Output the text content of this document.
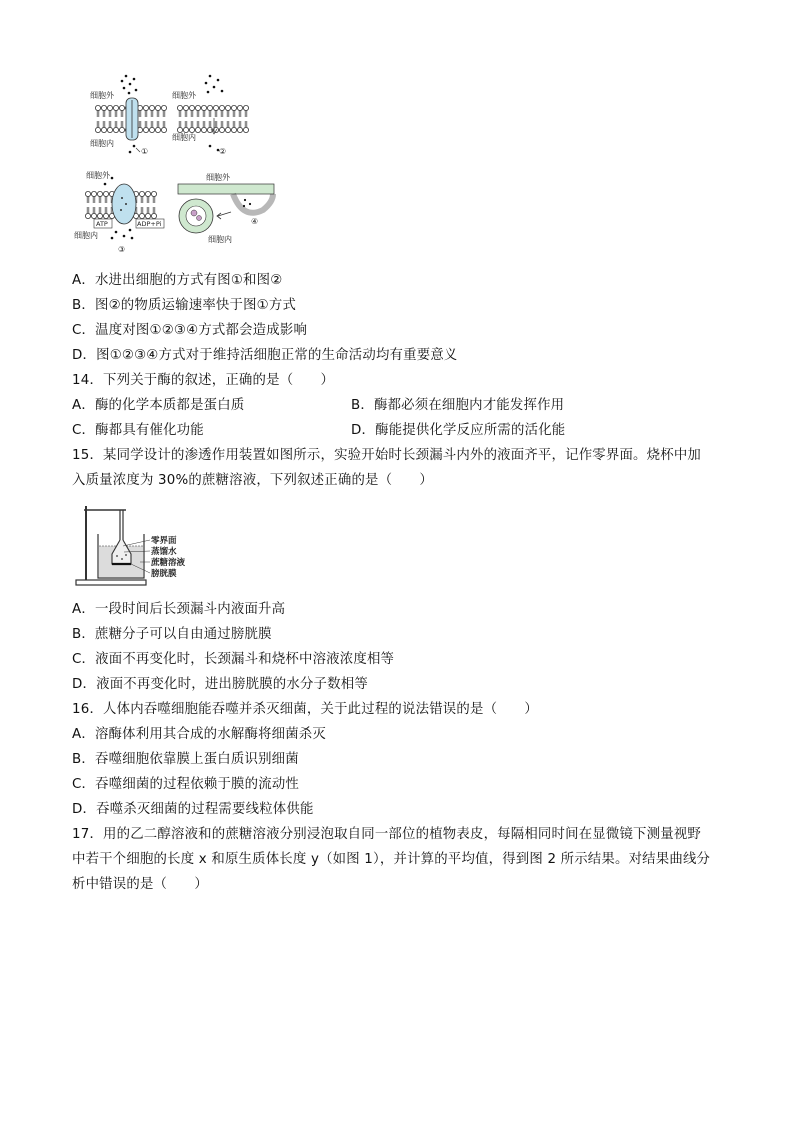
细胞外
细胞内
①
细胞外
细胞内
②
细胞外
ATP	ADP+Pi
细胞内
③
细胞外
④
细胞内
A．水进出细胞的方式有图①和图②
B．图②的物质运输速率快于图①方式
C．温度对图①②③④方式都会造成影响
D．图①②③④方式对于维持活细胞正常的生命活动均有重要意义
14．下列关于酶的叙述，正确的是（　　）
A．酶的化学本质都是蛋白质	B．酶都必须在细胞内才能发挥作用
C．酶都具有催化功能	D．酶能提供化学反应所需的活化能
15．某同学设计的渗透作用装置如图所示，实验开始时长颈漏斗内外的液面齐平，记作零界面。烧杯中加
入质量浓度为 30%的蔗糖溶液，下列叙述正确的是（　　）
零界面
蒸馏水
蔗糖溶液
膀胱膜
A．一段时间后长颈漏斗内液面升高
B．蔗糖分子可以自由通过膀胱膜
C．液面不再变化时，长颈漏斗和烧杯中溶液浓度相等
D．液面不再变化时，进出膀胱膜的水分子数相等
16．人体内吞噬细胞能吞噬并杀灭细菌，关于此过程的说法错误的是（　　）
A．溶酶体利用其合成的水解酶将细菌杀灭
B．吞噬细胞依靠膜上蛋白质识别细菌
C．吞噬细菌的过程依赖于膜的流动性
D．吞噬杀灭细菌的过程需要线粒体供能
17．用的乙二醇溶液和的蔗糖溶液分别浸泡取自同一部位的植物表皮，每隔相同时间在显微镜下测量视野
中若干个细胞的长度 x 和原生质体长度 y（如图 1），并计算的平均值，得到图 2 所示结果。对结果曲线分
析中错误的是（　　）
